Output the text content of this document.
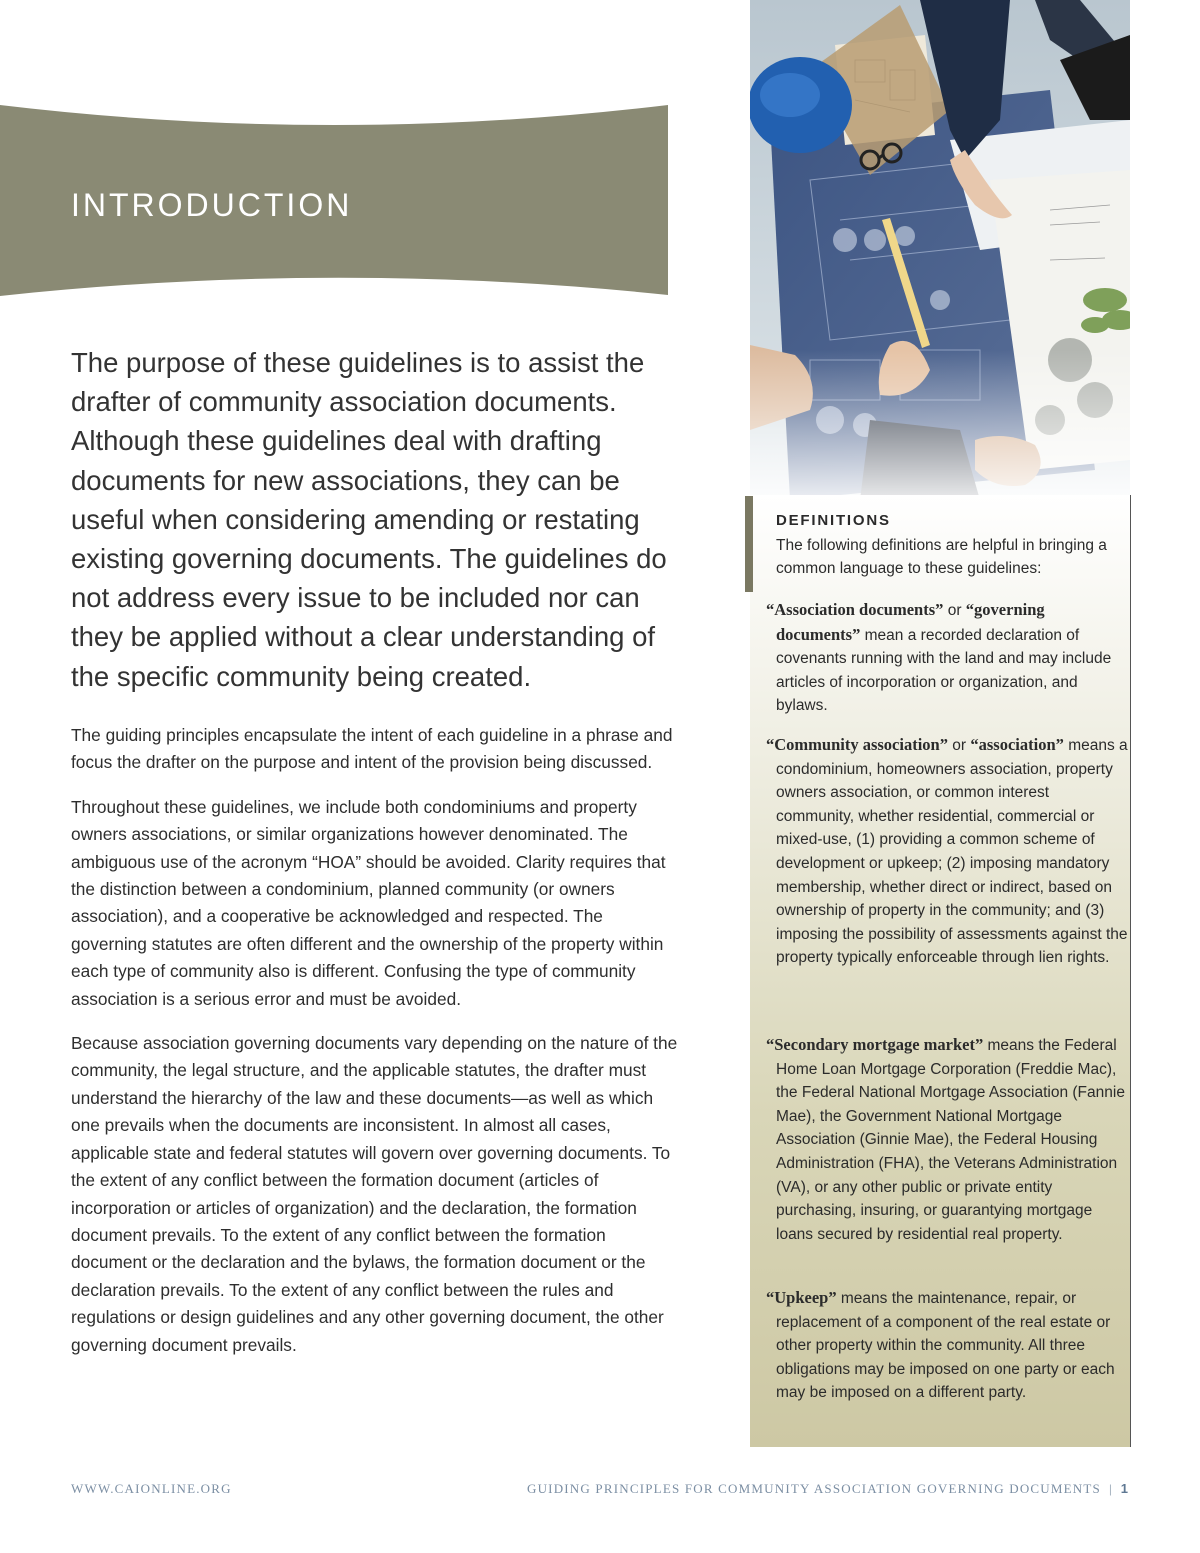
INTRODUCTION

The purpose of these guidelines is to assist the drafter of community association documents. Although these guidelines deal with drafting documents for new associations, they can be useful when considering amending or restating existing governing documents. The guidelines do not address every issue to be included nor can they be applied without a clear understanding of the specific community being created.

The guiding principles encapsulate the intent of each guideline in a phrase and focus the drafter on the purpose and intent of the provision being discussed.

Throughout these guidelines, we include both condominiums and property owners associations, or similar organizations however denominated. The ambiguous use of the acronym “HOA” should be avoided. Clarity requires that the distinction between a condominium, planned community (or owners association), and a cooperative be acknowledged and respected. The governing statutes are often different and the ownership of the property within each type of community also is different. Confusing the type of community association is a serious error and must be avoided.

Because association governing documents vary depending on the nature of the community, the legal structure, and the applicable statutes, the drafter must understand the hierarchy of the law and these documents—as well as which one prevails when the documents are inconsistent. In almost all cases, applicable state and federal statutes will govern over governing documents. To the extent of any conflict between the formation document (articles of incorporation or articles of organization) and the declaration, the formation document prevails. To the extent of any conflict between the formation document or the declaration and the bylaws, the formation document or the declaration prevails. To the extent of any conflict between the rules and regulations or design guidelines and any other governing document, the other governing document prevails.

DEFINITIONS

The following definitions are helpful in bringing a common language to these guidelines:

“Association documents” or “governing documents” mean a recorded declaration of covenants running with the land and may include articles of incorporation or organization, and bylaws.

“Community association” or “association” means a condominium, homeowners association, property owners association, or common interest community, whether residential, commercial or mixed-use, (1) providing a common scheme of development or upkeep; (2) imposing mandatory membership, whether direct or indirect, based on ownership of property in the community; and (3) imposing the possibility of assessments against the property typically enforceable through lien rights.

“Secondary mortgage market” means the Federal Home Loan Mortgage Corporation (Freddie Mac), the Federal National Mortgage Association (Fannie Mae), the Government National Mortgage Association (Ginnie Mae), the Federal Housing Administration (FHA), the Veterans Administration (VA), or any other public or private entity purchasing, insuring, or guarantying mortgage loans secured by residential real property.

“Upkeep” means the maintenance, repair, or replacement of a component of the real estate or other property within the community. All three obligations may be imposed on one party or each may be imposed on a different party.

WWW.CAIONLINE.ORG	GUIDING PRINCIPLES FOR COMMUNITY ASSOCIATION GOVERNING DOCUMENTS | 1
